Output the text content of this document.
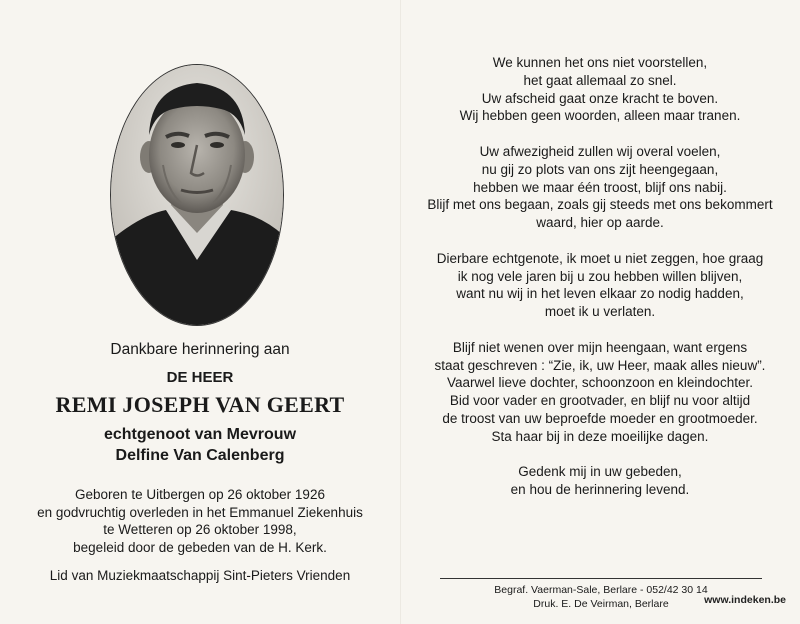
Dankbare herinnering aan
DE HEER
REMI JOSEPH VAN GEERT
echtgenoot van Mevrouw
Delfine Van Calenberg
Geboren te Uitbergen op 26 oktober 1926
en godvruchtig overleden in het Emmanuel Ziekenhuis
te Wetteren op 26 oktober 1998,
begeleid door de gebeden van de H. Kerk.
Lid van Muziekmaatschappij Sint-Pieters Vrienden
We kunnen het ons niet voorstellen,
het gaat allemaal zo snel.
Uw afscheid gaat onze kracht te boven.
Wij hebben geen woorden, alleen maar tranen.
Uw afwezigheid zullen wij overal voelen,
nu gij zo plots van ons zijt heengegaan,
hebben we maar één troost, blijf ons nabij.
Blijf met ons begaan, zoals gij steeds met ons bekommert
waard, hier op aarde.
Dierbare echtgenote, ik moet u niet zeggen, hoe graag
ik nog vele jaren bij u zou hebben willen blijven,
want nu wij in het leven elkaar zo nodig hadden,
moet ik u verlaten.
Blijf niet wenen over mijn heengaan, want ergens
staat geschreven : “Zie, ik, uw Heer, maak alles nieuw”.
Vaarwel lieve dochter, schoonzoon en kleindochter.
Bid voor vader en grootvader, en blijf nu voor altijd
de troost van uw beproefde moeder en grootmoeder.
Sta haar bij in deze moeilijke dagen.
Gedenk mij in uw gebeden,
en hou de herinnering levend.
Begraf. Vaerman-Sale, Berlare - 052/42 30 14
Druk. E. De Veirman, Berlare	www.indeken.be
